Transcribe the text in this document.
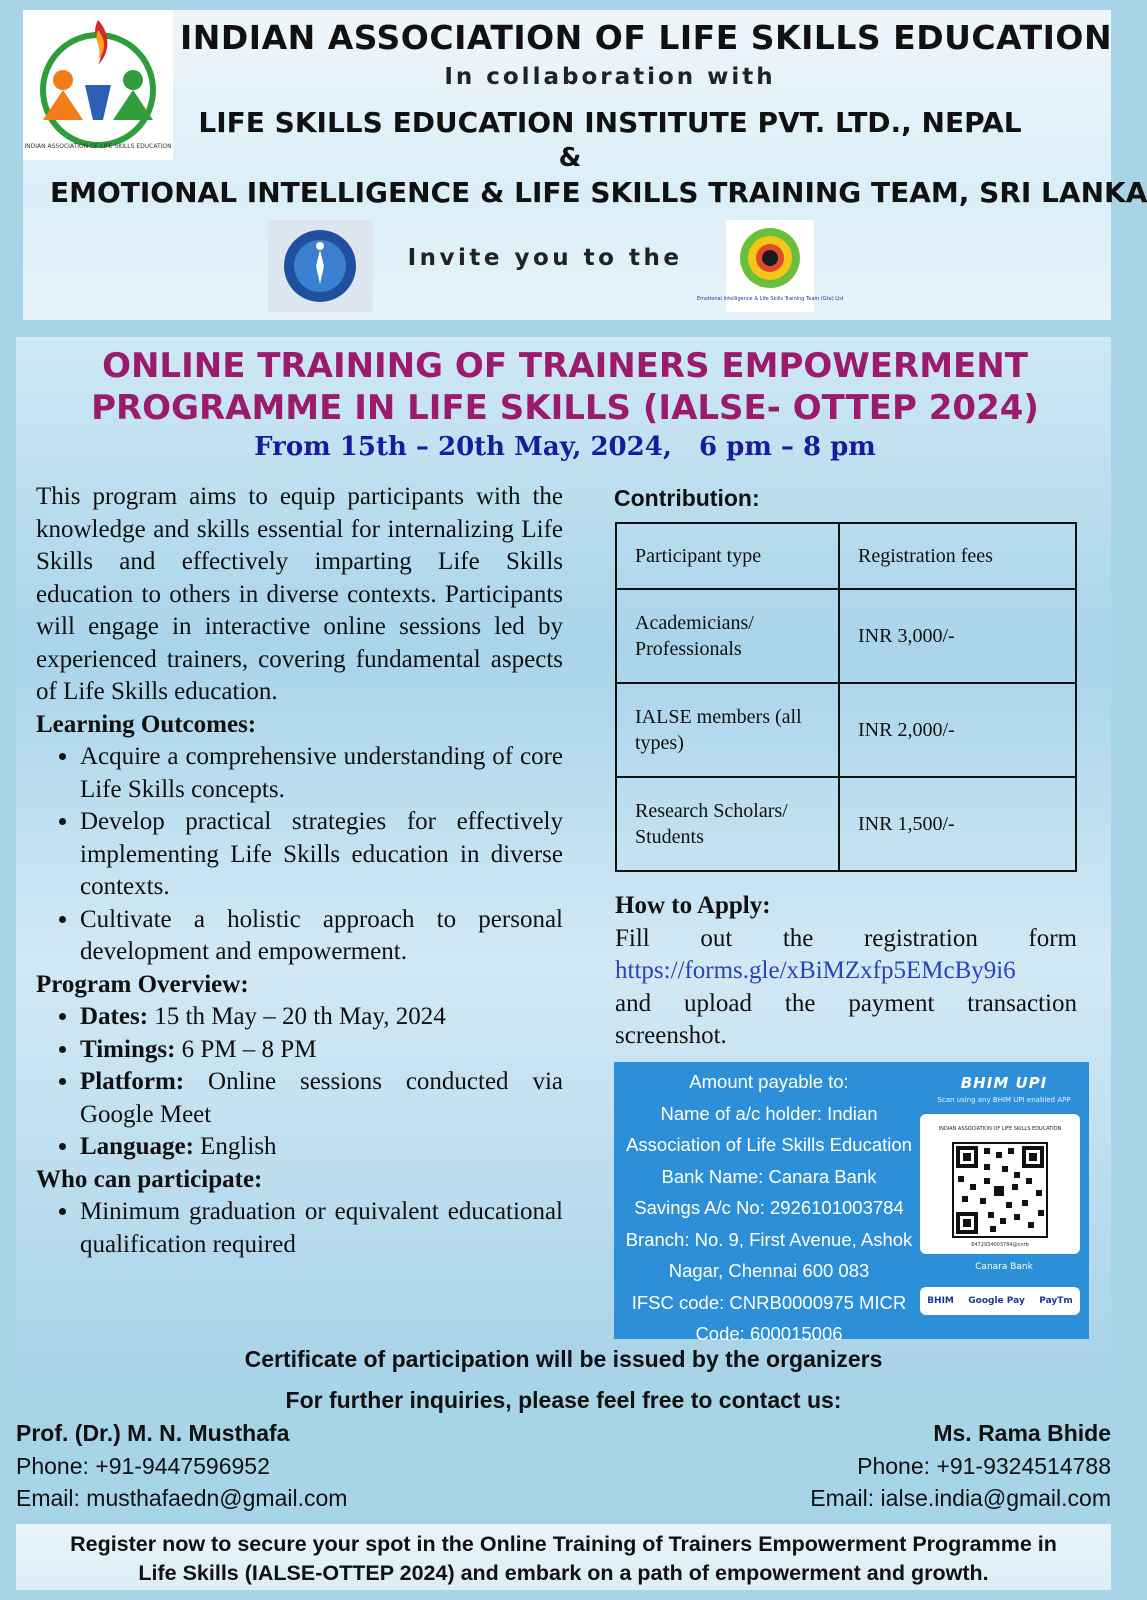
INDIAN ASSOCIATION OF LIFE SKILLS EDUCATION
INDIAN ASSOCIATION OF LIFE SKILLS EDUCATION
In collaboration with
LIFE SKILLS EDUCATION INSTITUTE PVT. LTD., NEPAL
&
EMOTIONAL INTELLIGENCE & LIFE SKILLS TRAINING TEAM, SRI LANKA
Invite you to the
Emotional Intelligence & Life Skills Training Team (Gte) Ltd
ONLINE TRAINING OF TRAINERS EMPOWERMENT
PROGRAMME IN LIFE SKILLS (IALSE- OTTEP 2024)
From 15th – 20th May, 2024,   6 pm – 8 pm

This program aims to equip participants with the knowledge and skills essential for internalizing Life Skills and effectively imparting Life Skills education to others in diverse contexts. Participants will engage in interactive online sessions led by experienced trainers, covering fundamental aspects of Life Skills education.

Learning Outcomes:
• Acquire a comprehensive understanding of core Life Skills concepts.
• Develop practical strategies for effectively implementing Life Skills education in diverse contexts.
• Cultivate a holistic approach to personal development and empowerment.
Program Overview:
• Dates: 15 th May – 20 th May, 2024
• Timings: 6 PM – 8 PM
• Platform: Online sessions conducted via Google Meet
• Language: English
Who can participate:
• Minimum graduation or equivalent educational qualification required
Contribution:
Participant type	Registration fees
Academicians/ Professionals	INR 3,000/-
IALSE members (all types)	INR 2,000/-
Research Scholars/ Students	INR 1,500/-
How to Apply:

Fill out the registration form

https://forms.gle/xBiMZxfp5EMcBy9i6

and upload the payment transaction screenshot.

Amount payable to:
Name of a/c holder: Indian
Association of Life Skills Education
Bank Name: Canara Bank
Savings A/c No: 2926101003784
Branch: No. 9, First Avenue, Ashok
Nagar, Chennai 600 083
IFSC code: CNRB0000975 MICR
Code: 600015006
BHIM UPI
Scan using any BHIM UPI enabled APP
INDIAN ASSOCIATION OF LIFE SKILLS EDUCATION
6472934003784@cnrb
Canara Bank
BHIM Google Pay PayTm
Certificate of participation will be issued by the organizers
For further inquiries, please feel free to contact us:
Prof. (Dr.) M. N. Musthafa
Phone: +91-9447596952
Email: musthafaedn@gmail.com
Ms. Rama Bhide
Phone: +91-9324514788
Email: ialse.india@gmail.com
Register now to secure your spot in the Online Training of Trainers Empowerment Programme in
Life Skills (IALSE-OTTEP 2024) and embark on a path of empowerment and growth.
